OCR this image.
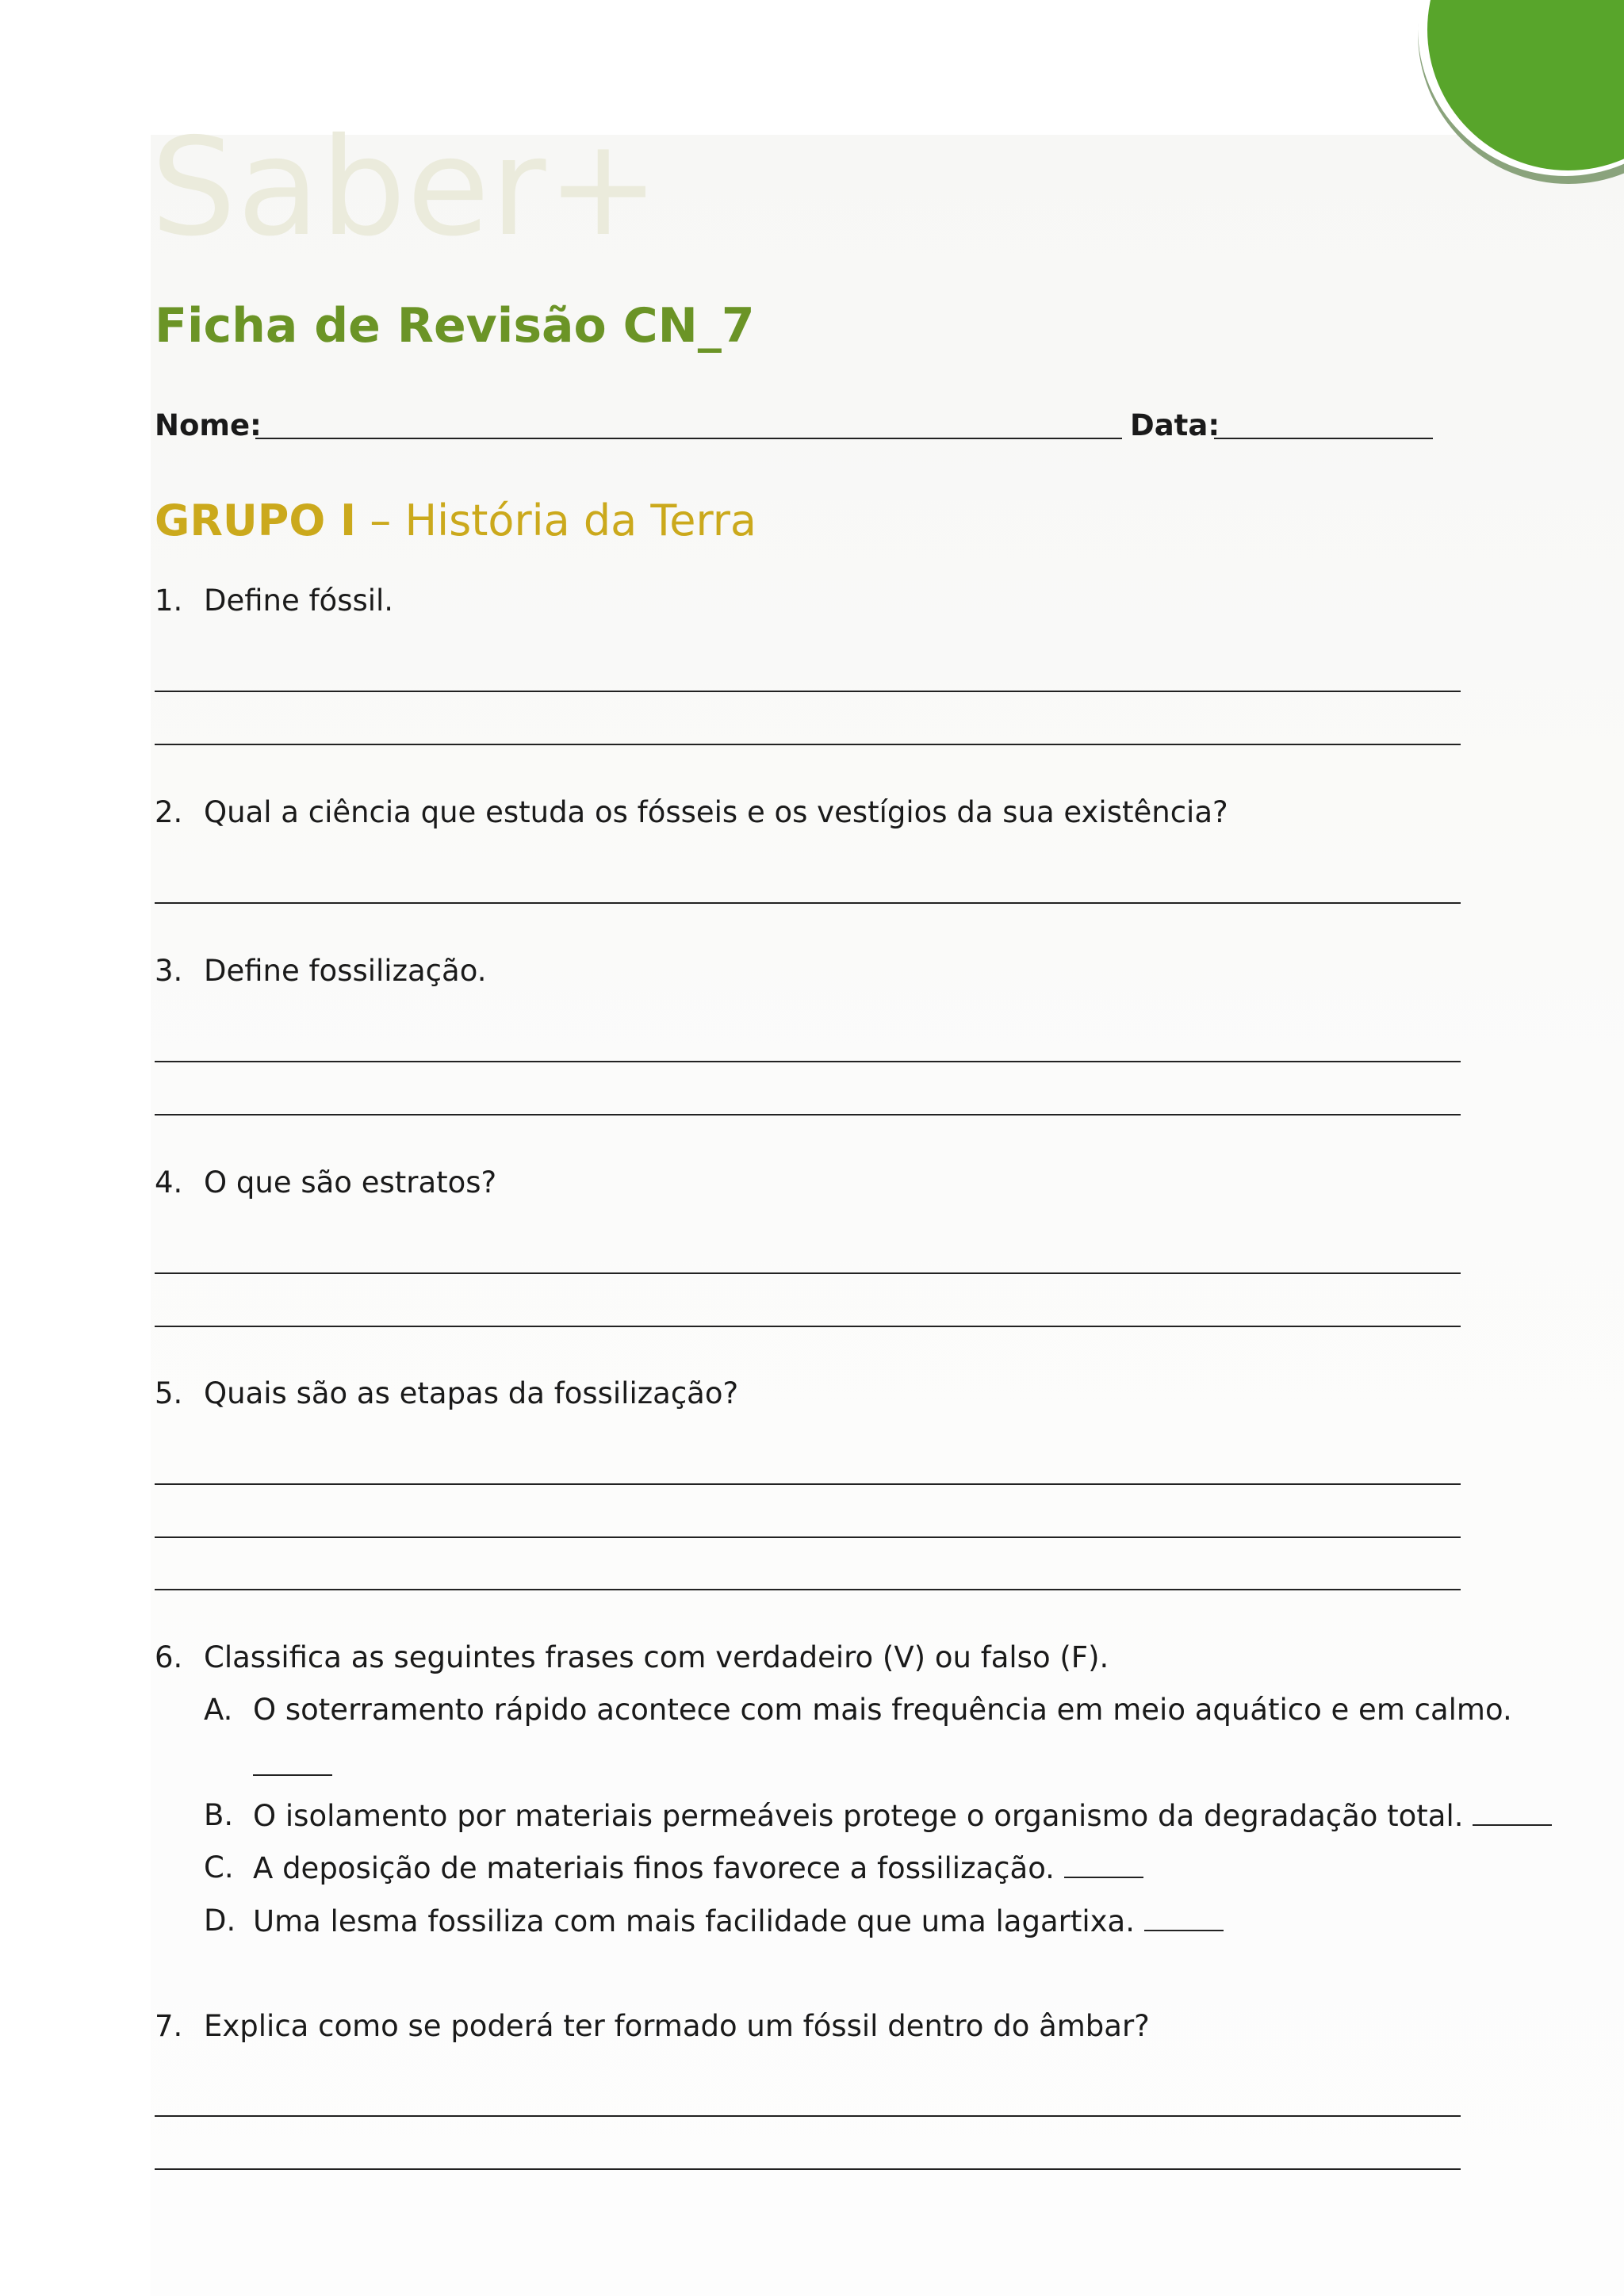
Saber+
Ficha de Revisão CN_7
Nome:	Data:
GRUPO I – História da Terra
1. Define fóssil.
2. Qual a ciência que estuda os fósseis e os vestígios da sua existência?
3. Define fossilização.
4. O que são estratos?
5. Quais são as etapas da fossilização?
6. Classifica as seguintes frases com verdadeiro (V) ou falso (F).
A. O soterramento rápido acontece com mais frequência em meio aquático e em calmo.
B. O isolamento por materiais permeáveis protege o organismo da degradação total.
C. A deposição de materiais finos favorece a fossilização.
D. Uma lesma fossiliza com mais facilidade que uma lagartixa.
7. Explica como se poderá ter formado um fóssil dentro do âmbar?
